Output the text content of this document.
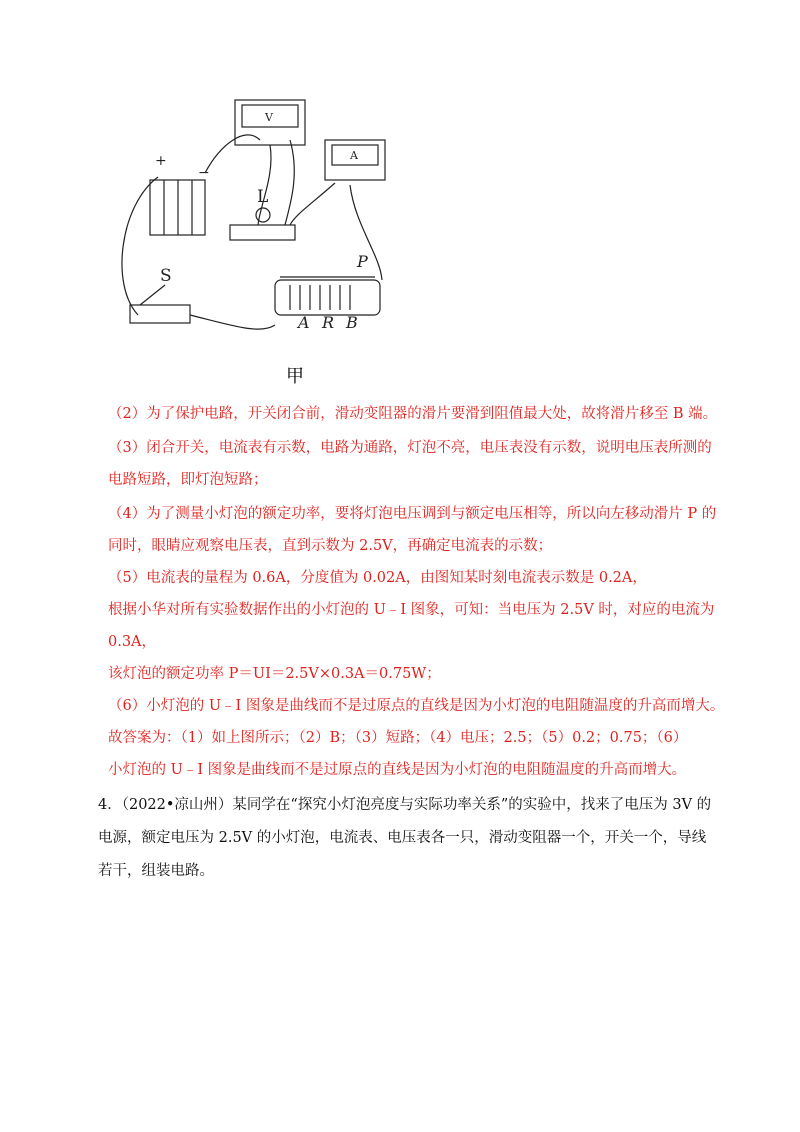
+
−
L
S
P
A R B
V
A
甲
（2）为了保护电路，开关闭合前，滑动变阻器的滑片要滑到阻值最大处，故将滑片移至 B 端。
（3）闭合开关，电流表有示数，电路为通路，灯泡不亮，电压表没有示数，说明电压表所测的
电路短路，即灯泡短路；
（4）为了测量小灯泡的额定功率，要将灯泡电压调到与额定电压相等，所以向左移动滑片 P 的
同时，眼睛应观察电压表，直到示数为 2.5V，再确定电流表的示数；
（5）电流表的量程为 0.6A，分度值为 0.02A，由图知某时刻电流表示数是 0.2A，
根据小华对所有实验数据作出的小灯泡的 U﹣I 图象，可知：当电压为 2.5V 时，对应的电流为
0.3A，
该灯泡的额定功率 P＝UI＝2.5V×0.3A＝0.75W；
（6）小灯泡的 U﹣I 图象是曲线而不是过原点的直线是因为小灯泡的电阻随温度的升高而增大。
故答案为：（1）如上图所示；（2）B；（3）短路；（4）电压；2.5；（5）0.2；0.75；（6）
小灯泡的 U﹣I 图象是曲线而不是过原点的直线是因为小灯泡的电阻随温度的升高而增大。
4．（2022•凉山州）某同学在“探究小灯泡亮度与实际功率关系”的实验中，找来了电压为 3V 的
电源，额定电压为 2.5V 的小灯泡，电流表、电压表各一只，滑动变阻器一个，开关一个，导线
若干，组装电路。
